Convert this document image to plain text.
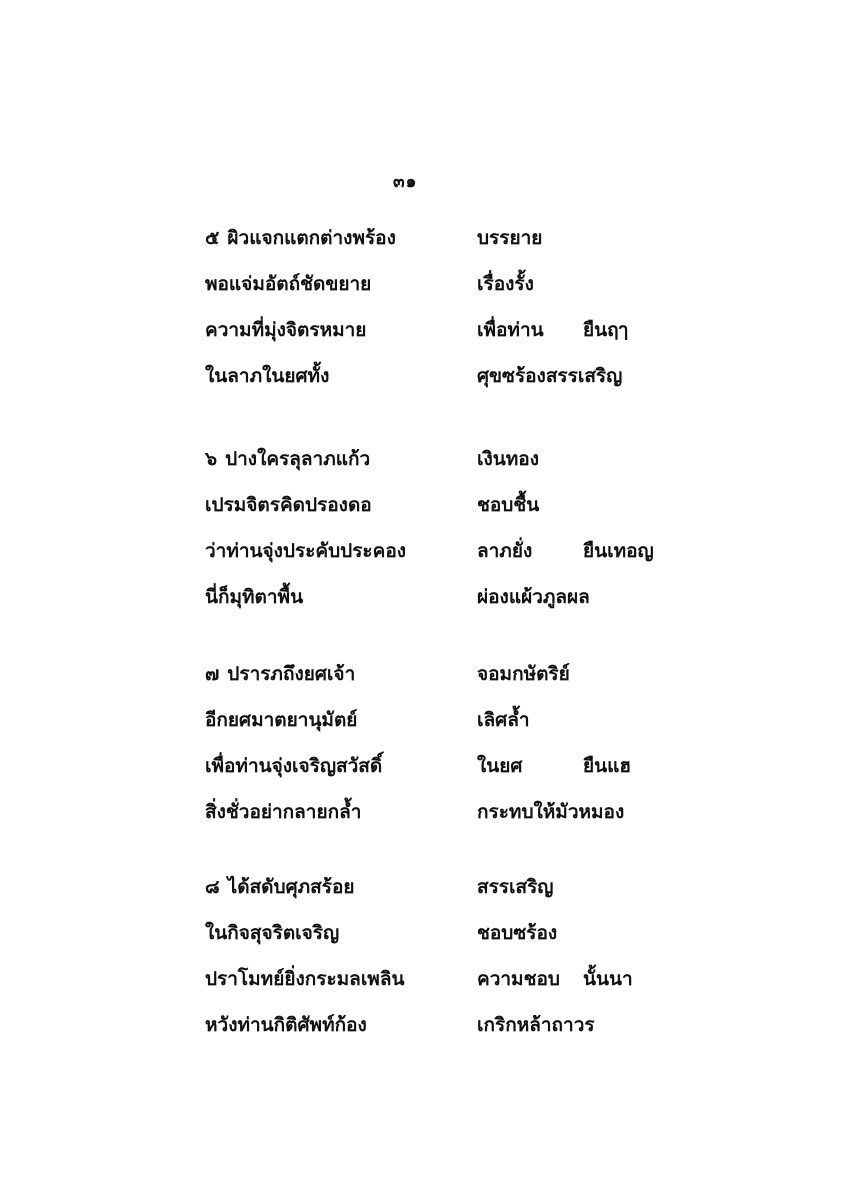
๓๑
๕ ผิวแจกแตกต่างพร้อง	บรรยาย
พอแจ่มอัตถ์ชัดขยาย	เรื่องรั้ง
ความที่มุ่งจิตรหมาย	เพื่อท่าน ยืนฤๅ
ในลาภในยศทั้ง	ศุขซร้องสรรเสริญ
๖ ปางใครลุลาภแก้ว	เงินทอง
เปรมจิตรคิดปรองดอ	ชอบชื้น
ว่าท่านจุ่งประคับประคอง	ลาภยั่ง	ยืนเทอญ
นี่ก็มุทิตาพื้น	ผ่องแผ้วภูลผล
๗ ปรารภถึงยศเจ้า	จอมกษัตริย์
อีกยศมาตยานุมัตย์	เลิศล้ำ
เพื่อท่านจุ่งเจริญสวัสดิ์	ในยศ	ยืนแฮ
สิ่งชั่วอย่ากลายกล้ำ	กระทบให้มัวหมอง
๘ ได้สดับศุภสร้อย	สรรเสริญ
ในกิจสุจริตเจริญ	ชอบซร้อง
ปราโมทย์ยิ่งกระมลเพลิน	ความชอบ นั้นนา
หวังท่านกิติศัพท์ก้อง	เกริกหล้าถาวร
